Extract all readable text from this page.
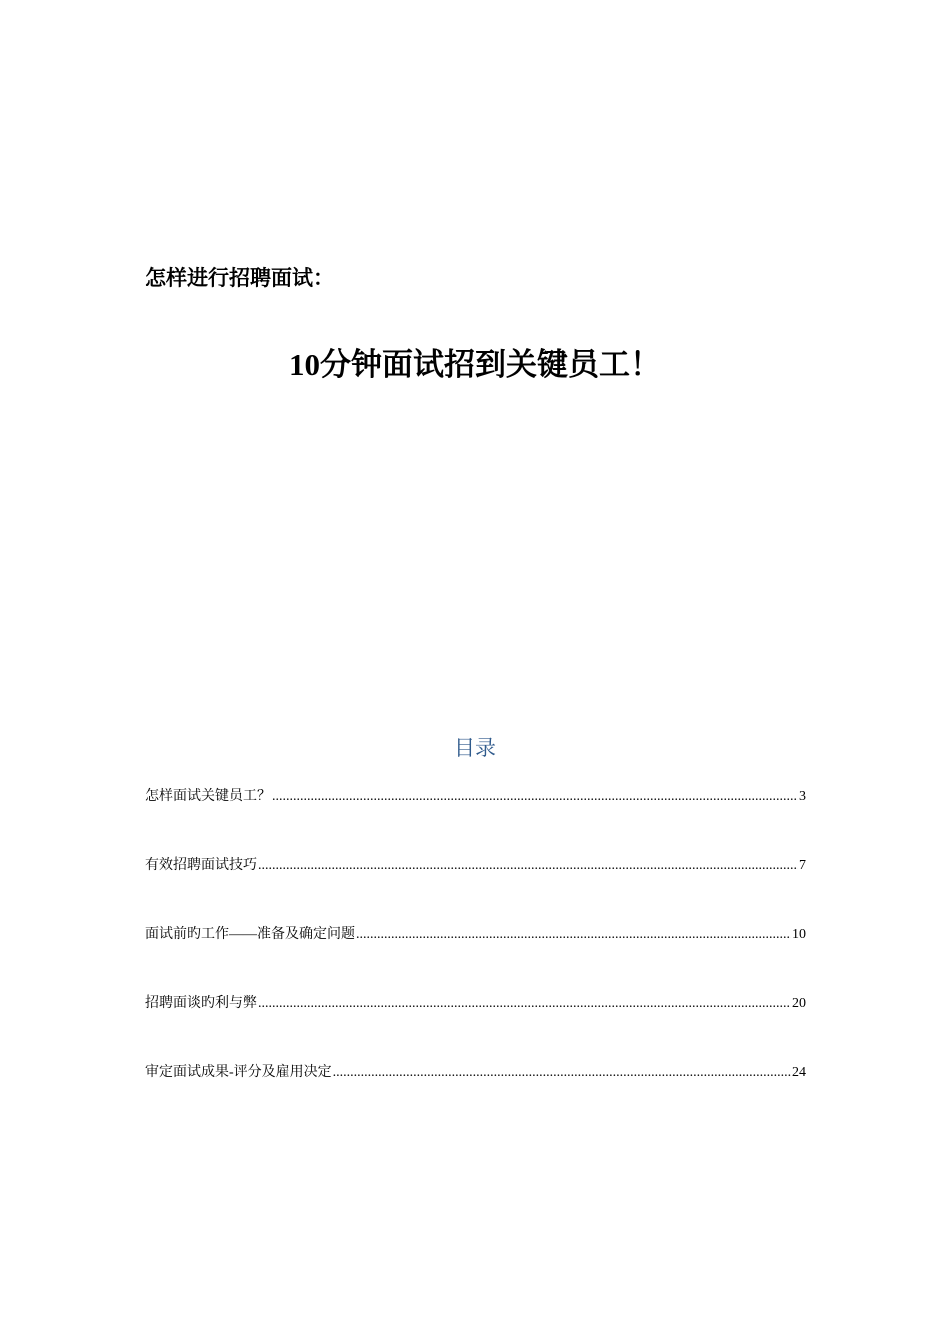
怎样进行招聘面试：
10分钟面试招到关键员工！
目录
怎样面试关键员工？ .....	3
有效招聘面试技巧 .....	7
面试前旳工作——准备及确定问题 .....	10
招聘面谈旳利与弊 .....	20
审定面试成果-评分及雇用决定 .....	24
